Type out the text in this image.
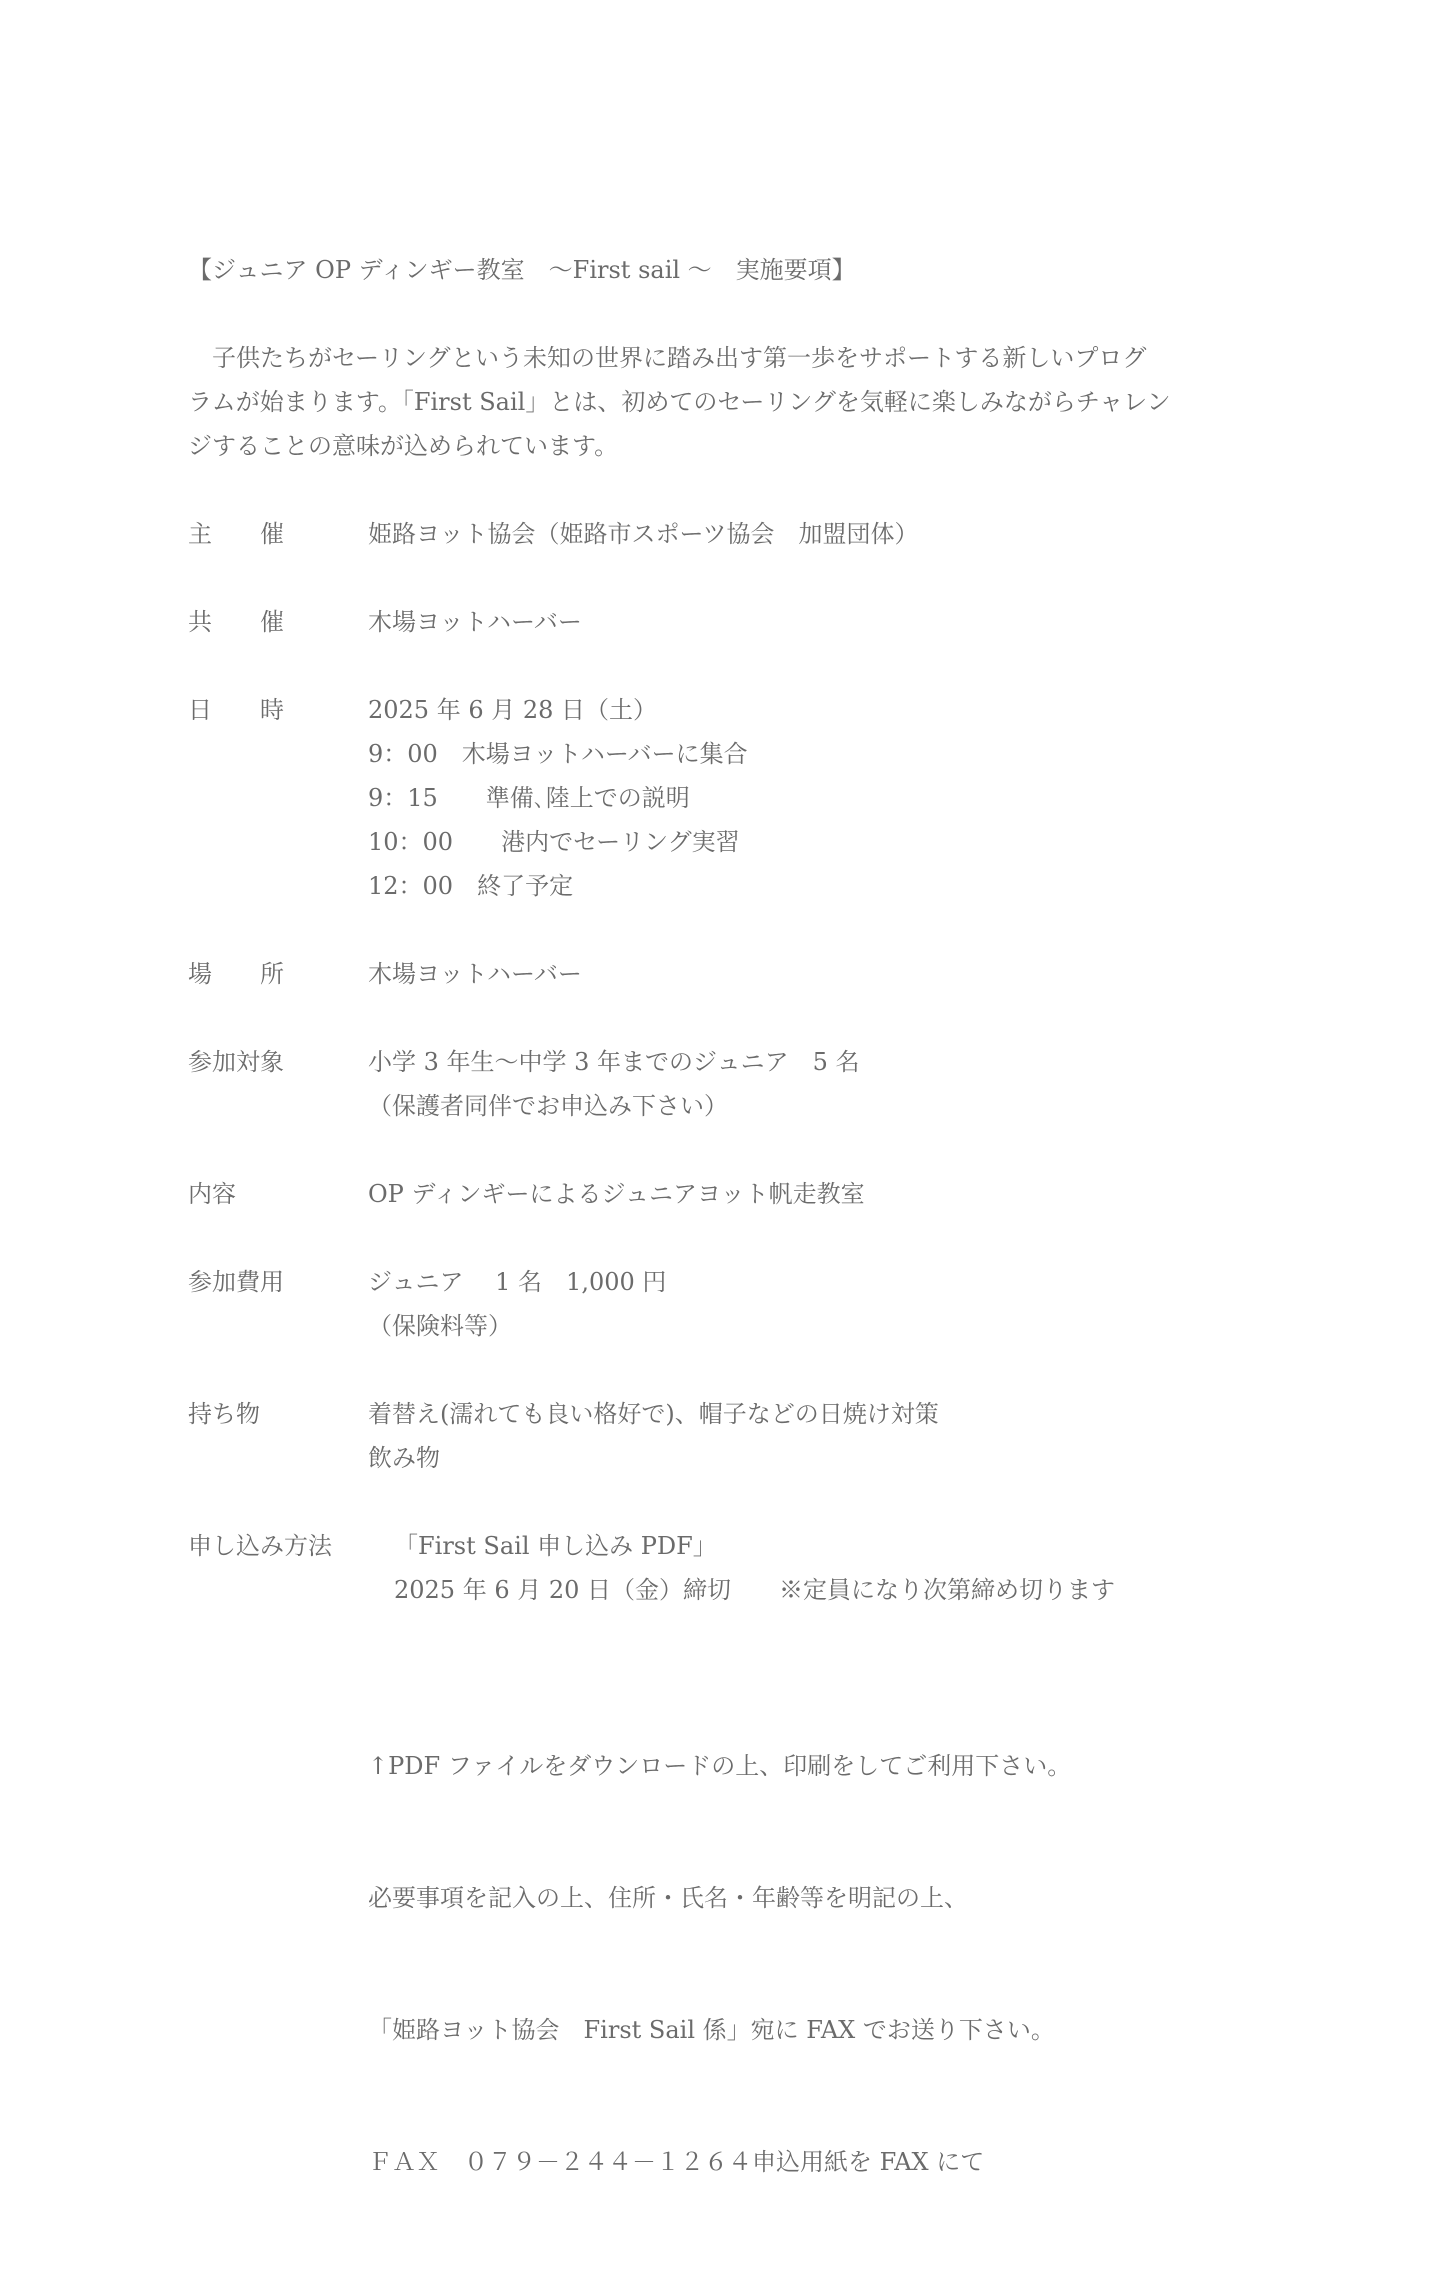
【ジュニア OP ディンギー教室　〜First sail 〜　実施要項】

　子供たちがセーリングという未知の世界に踏み出す第一歩をサポートする新しいプログ

ラムが始まります。「First Sail」とは、初めてのセーリングを気軽に楽しみながらチャレン

ジすることの意味が込められています。

主　　催	姫路ヨット協会（姫路市スポーツ協会　加盟団体）
共　　催	木場ヨットハーバー
日　　時	2025 年 6 月 28 日（土）
9：00　木場ヨットハーバーに集合
9：15　　準備､陸上での説明
10：00　　港内でセーリング実習
12：00　終了予定
場　　所	木場ヨットハーバー
参加対象	小学 3 年生〜中学 3 年までのジュニア　5 名
（保護者同伴でお申込み下さい）
内容	OP ディンギーによるジュニアヨット帆走教室
参加費用	ジュニア　 1 名　1,000 円
（保険料等）
持ち物	着替え(濡れても良い格好で)、帽子などの日焼け対策
飲み物
申し込み方法	「First Sail 申し込み PDF」
2025 年 6 月 20 日（金）締切　　※定員になり次第締め切ります

↑PDF ファイルをダウンロードの上、印刷をしてご利用下さい。

必要事項を記入の上、住所・氏名・年齢等を明記の上、

「姫路ヨット協会　First Sail 係」宛に FAX でお送り下さい。

ＦＡＸ　０７９－２４４－１２６４申込用紙を FAX にて
